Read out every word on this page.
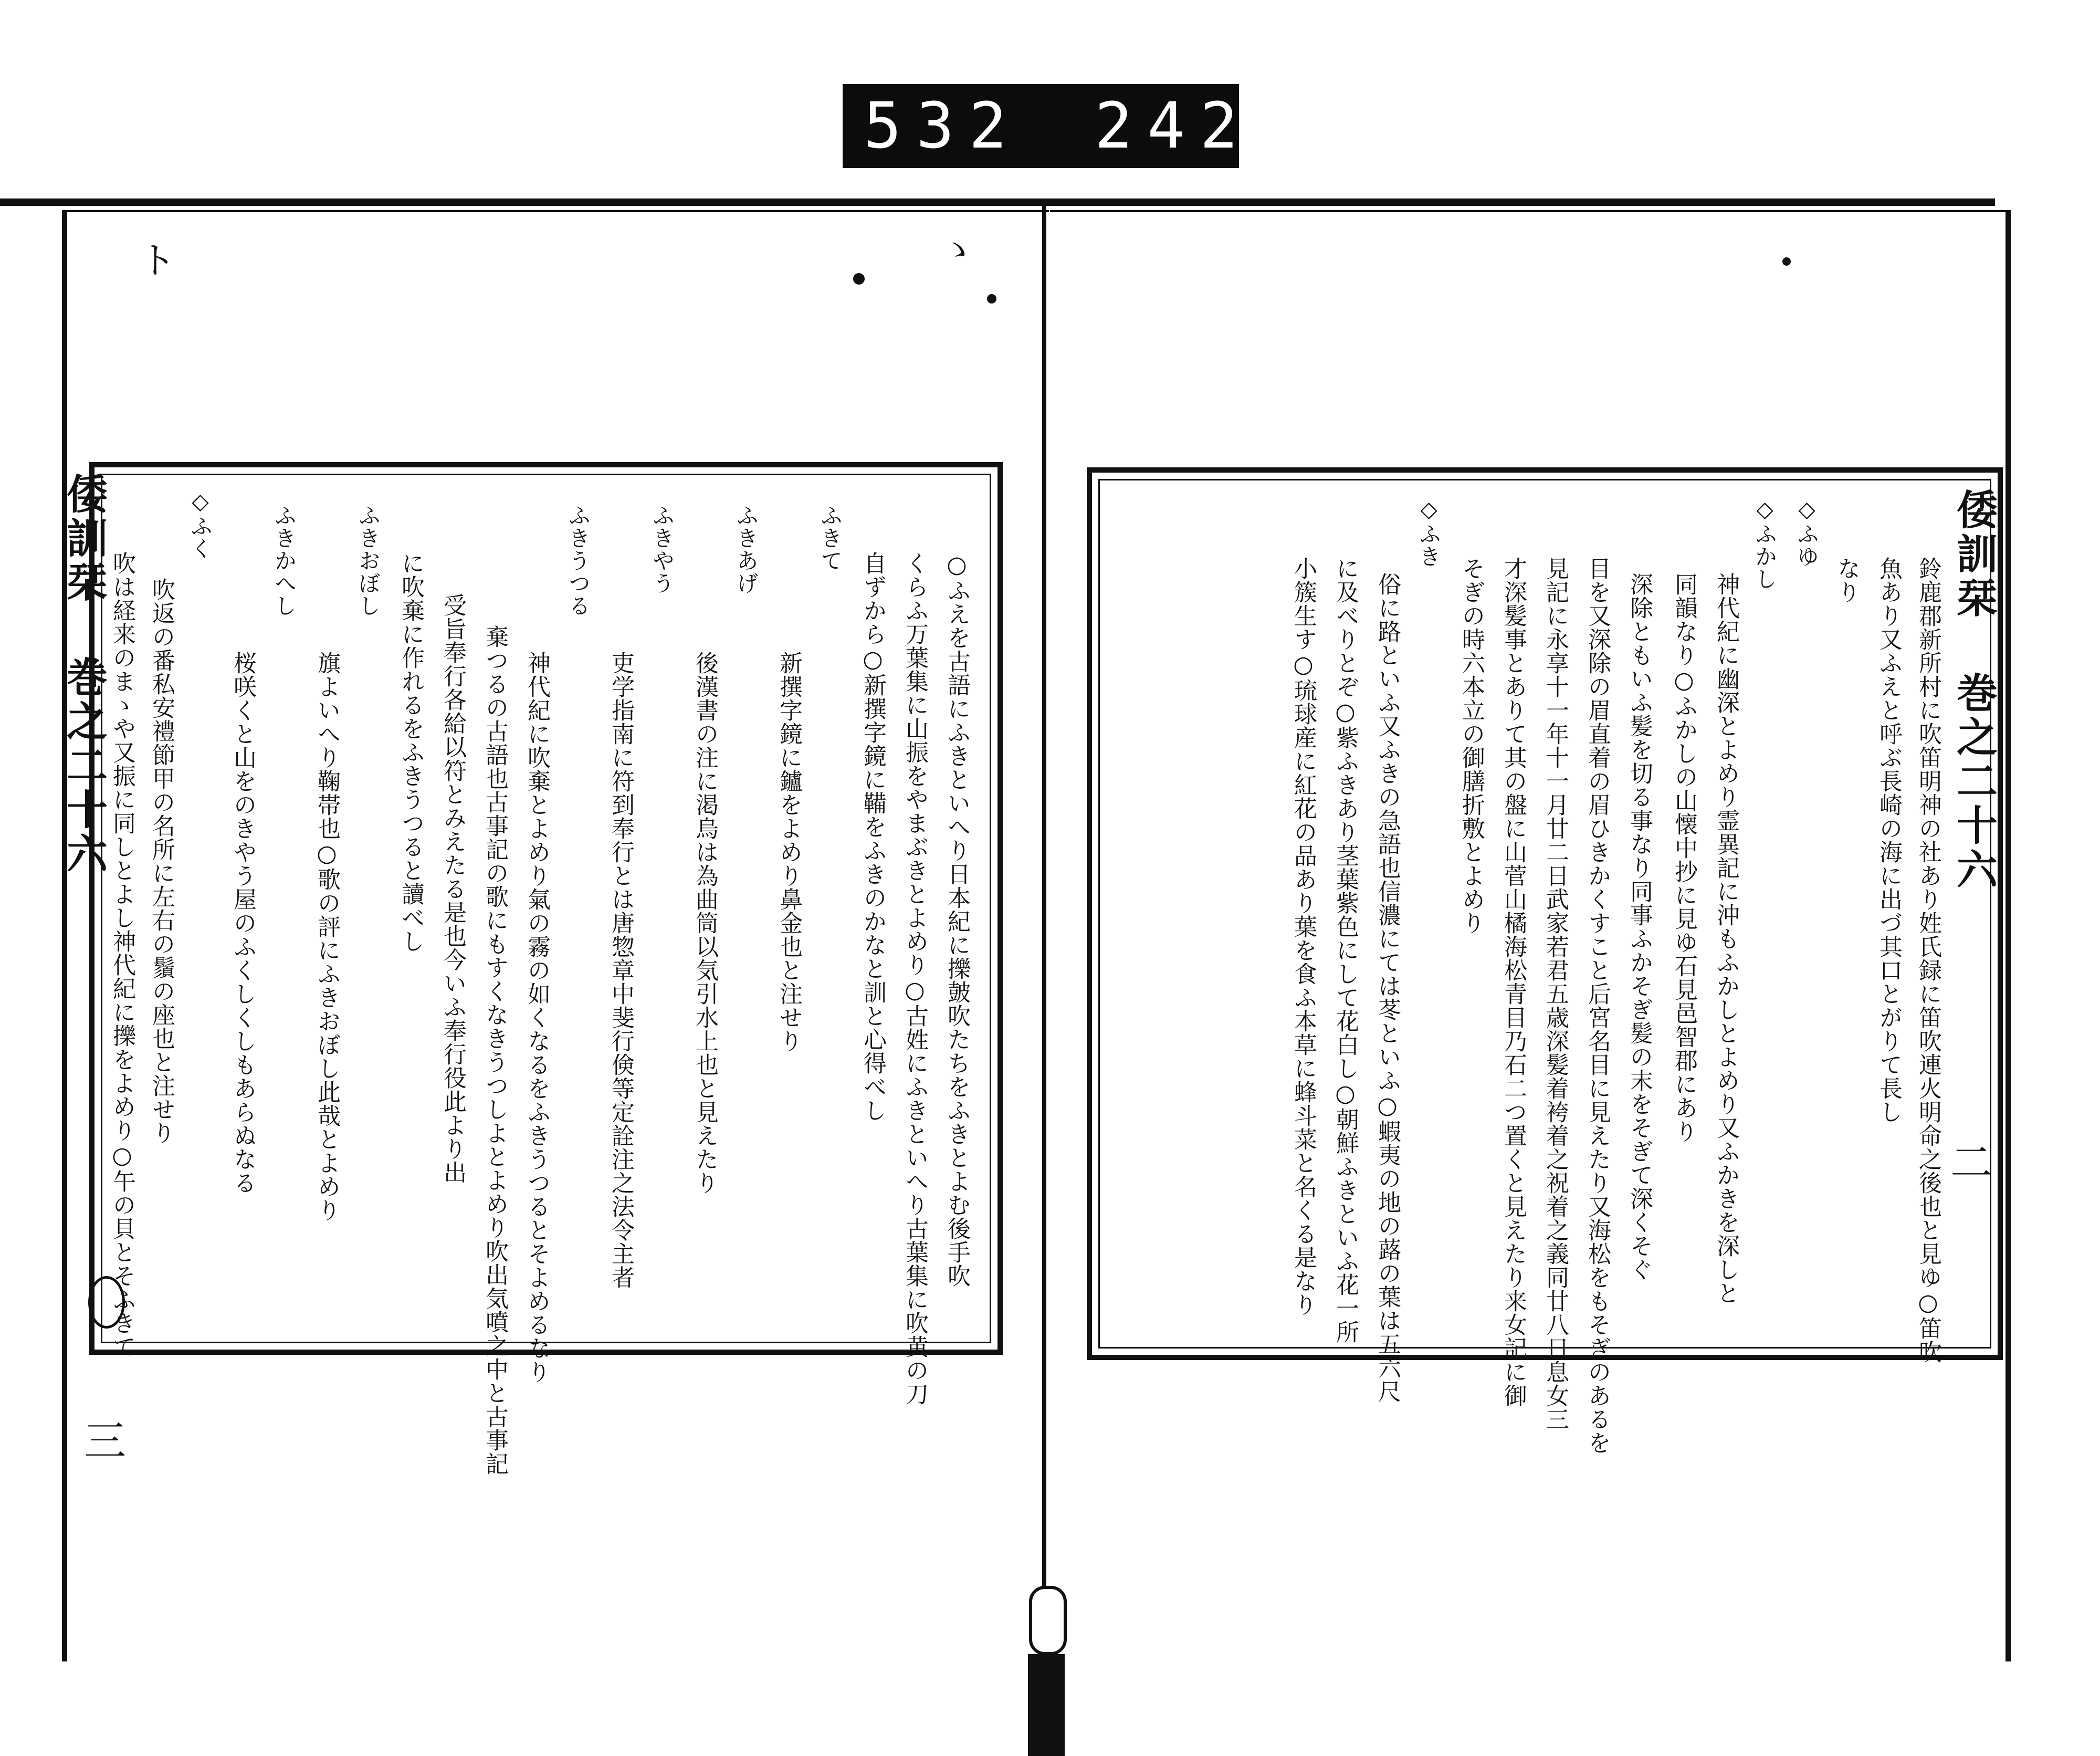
532 242.
ト	ゝ
倭訓栞 巻之二十六
二
鈴鹿郡新所村に吹笛明神の社あり姓氏録に笛吹連火明命之後也と見ゆ○笛吹
魚あり又ふえと呼ぶ長崎の海に出づ其口とがりて長し
なり
◇ふゆ
◇ふかし
神代紀に幽深とよめり霊異記に沖もふかしとよめり又ふかきを深しと
同韻なり○ふかしの山懐中抄に見ゆ石見邑智郡にあり
深除ともいふ髪を切る事なり同事ふかそぎ髪の末をそぎて深くそぐ
目を又深除の眉直着の眉ひきかくすこと后宮名目に見えたり又海松をもそぎのあるを
見記に永享十一年十一月廿二日武家若君五歳深髪着袴着之祝着之義同廿八日息女三
才深髪事とありて其の盤に山菅山橘海松青目乃石二つ置くと見えたり来女記に御
そぎの時六本立の御膳折敷とよめり
◇ふき
俗に路といふ又ふきの急語也信濃にては苳といふ○蝦夷の地の蕗の葉は五六尺
に及べりとぞ○紫ふきあり茎葉紫色にして花白し○朝鮮ふきといふ花一所
小簇生す○琉球産に紅花の品あり葉を食ふ本草に蜂斗菜と名くる是なり
倭訓栞 巻之二十六
三
○ふえを古語にふきといへり日本紀に擽皷吹たちをふきとよむ後手吹
くらふ万葉集に山振をやまぶきとよめり○古姓にふきといへり古葉集に吹黄の刀
自ずから○新撰字鏡に鞴をふきのかなと訓と心得べし
ふきて
新撰字鏡に鑪をよめり鼻金也と注せり
ふきあげ
後漢書の注に渇烏は為曲筒以気引水上也と見えたり
ふきやう
吏学指南に符到奉行とは唐惣章中斐行倹等定詮注之法令主者
ふきうつる
神代紀に吹棄とよめり氣の霧の如くなるをふきうつるとそよめるなり
棄つるの古語也古事記の歌にもすくなきうつしよとよめり吹出気噴之中と古事記
受旨奉行各給以符とみえたる是也今いふ奉行役此より出
に吹棄に作れるをふきうつると讀べし
ふきおぼし
旗よいへり鞠帯也○歌の評にふきおぼし此哉とよめり
ふきかへし
桜咲くと山をのきやう屋のふくしくしもあらぬなる
◇ふく
吹返の番私安禮節甲の名所に左右の鬚の座也と注せり
吹は経来のまゝや又振に同しとよし神代紀に擽をよめり○午の貝とそふきて
